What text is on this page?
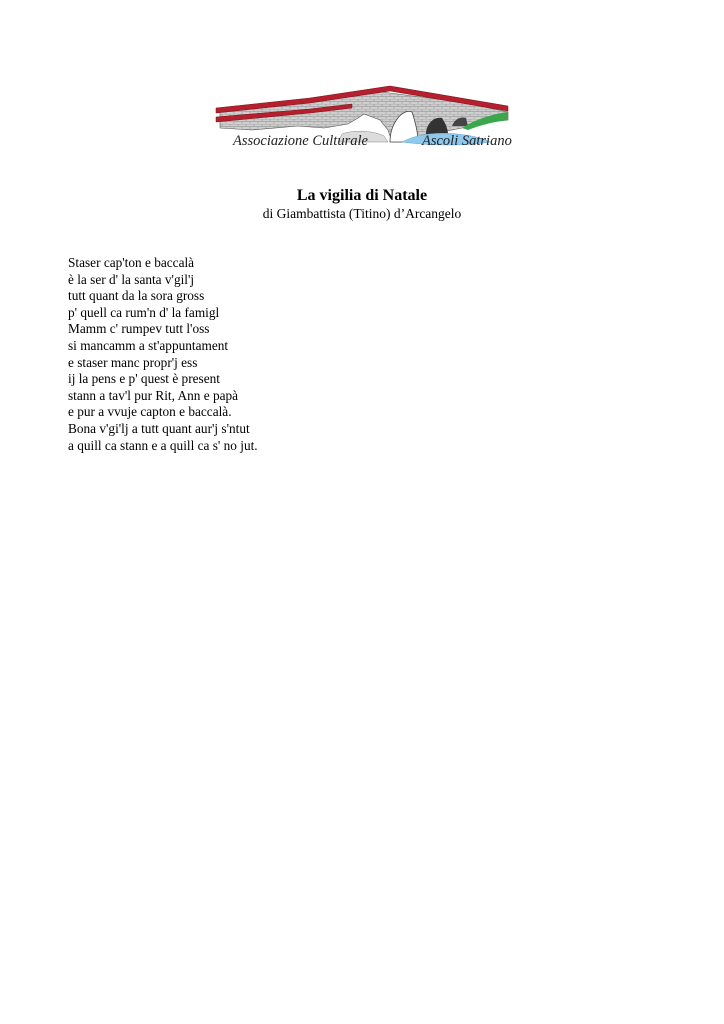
Associazione Culturale	Ascoli Satriano
La vigilia di Natale
di Giambattista (Titino) d’Arcangelo
Staser cap'ton e baccalà
è la ser d' la santa v'gil'j
tutt quant da la sora gross
p' quell ca rum'n d' la famigl
Mamm c' rumpev tutt l'oss
si mancamm a st'appuntament
e staser manc propr'j ess
ij la pens e p' quest è present
stann a tav'l pur Rit, Ann e papà
e pur a vvuje capton e baccalà.
Bona v'gi'lj a tutt quant aur'j s'ntut
a quill ca stann e a quill ca s' no jut.
